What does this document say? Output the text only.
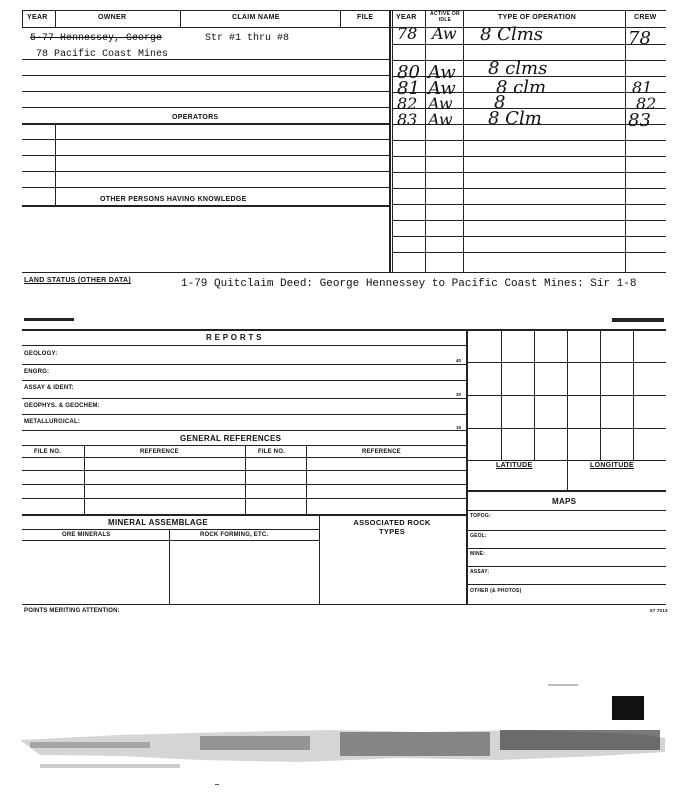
YEAR	OWNER	CLAIM NAME	FILE	YEAR	ACTIVE OR IDLE	TYPE OF OPERATION	CREW
5-77 Hennessey, George	Str #1 thru #8
78 Pacific Coast Mines
OPERATORS
OTHER PERSONS HAVING KNOWLEDGE
78 Aw 8 Clms	78
80 Aw 8 clms
81 Aw 8 clm	81
82 Aw 8	82
83 Aw 8 Clm	83
LAND STATUS (OTHER DATA)	1-79 Quitclaim Deed: George Hennessey to Pacific Coast Mines: Sir 1-8
R E P O R T S
GEOLOGY:
40
ENGRG:
ASSAY & IDENT:
30
GEOPHYS. & GEOCHEM:
METALLURGICAL:
15
GENERAL REFERENCES
FILE NO.	REFERENCE	FILE NO.	REFERENCE
LATITUDE	LONGITUDE
MAPS
TOPOG:
GEOL:
MINE:
ASSAY:
OTHER (& PHOTOS)
MINERAL ASSEMBLAGE	ASSOCIATED ROCK TYPES
ORE MINERALS	ROCK FORMING, ETC.
POINTS MERITING ATTENTION:	57 7013
